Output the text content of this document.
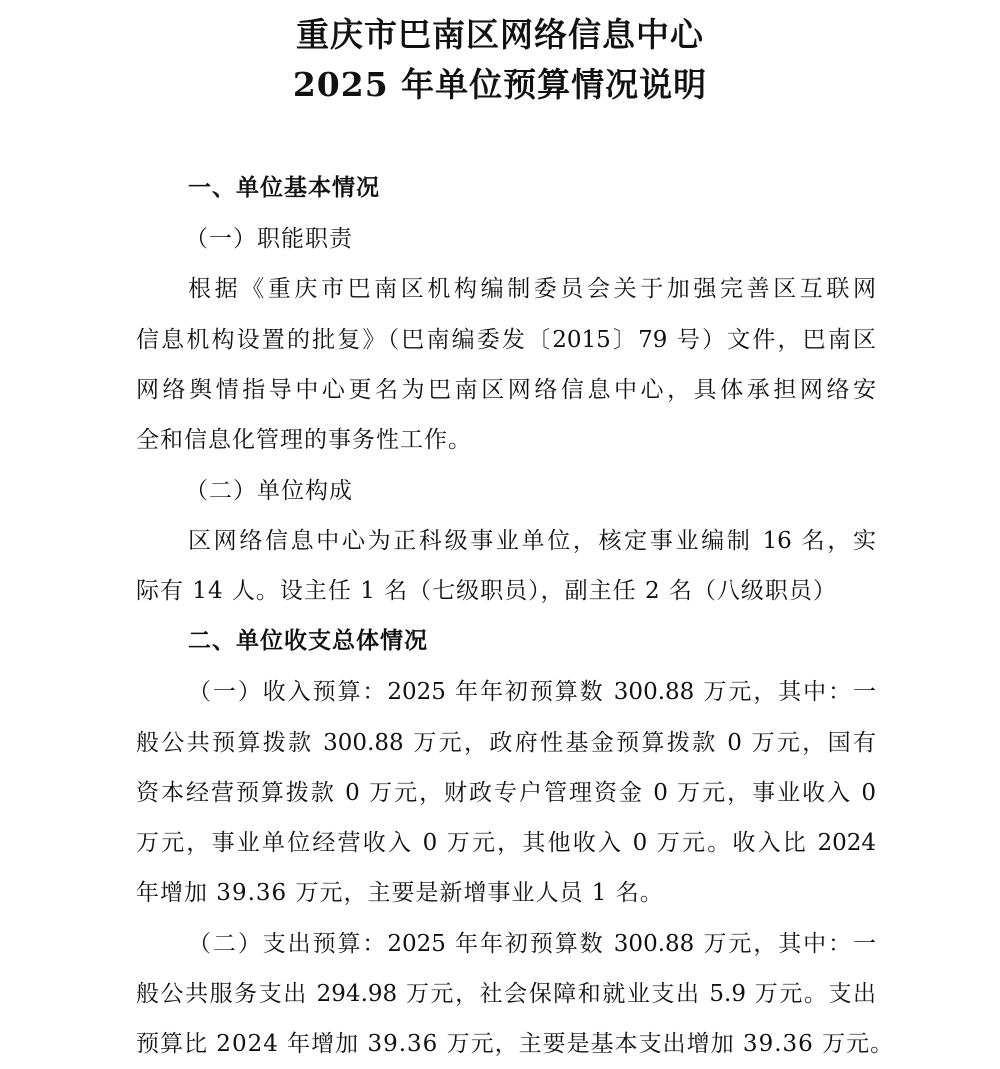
重庆市巴南区网络信息中心
2025 年单位预算情况说明
一、单位基本情况
（一）职能职责
根据《重庆市巴南区机构编制委员会关于加强完善区互联网
信息机构设置的批复》（巴南编委发〔2015〕79 号）文件，巴南区
网络舆情指导中心更名为巴南区网络信息中心，具体承担网络安
全和信息化管理的事务性工作。
（二）单位构成
区网络信息中心为正科级事业单位，核定事业编制 16 名，实
际有 14 人。设主任 1 名（七级职员），副主任 2 名（八级职员）
二、单位收支总体情况
（一）收入预算：2025 年年初预算数 300.88 万元，其中：一
般公共预算拨款 300.88 万元，政府性基金预算拨款 0 万元，国有
资本经营预算拨款 0 万元，财政专户管理资金 0 万元，事业收入 0
万元，事业单位经营收入 0 万元，其他收入 0 万元。收入比 2024
年增加 39.36 万元，主要是新增事业人员 1 名。
（二）支出预算：2025 年年初预算数 300.88 万元，其中：一
般公共服务支出 294.98 万元，社会保障和就业支出 5.9 万元。支出
预算比 2024 年增加 39.36 万元，主要是基本支出增加 39.36 万元。
